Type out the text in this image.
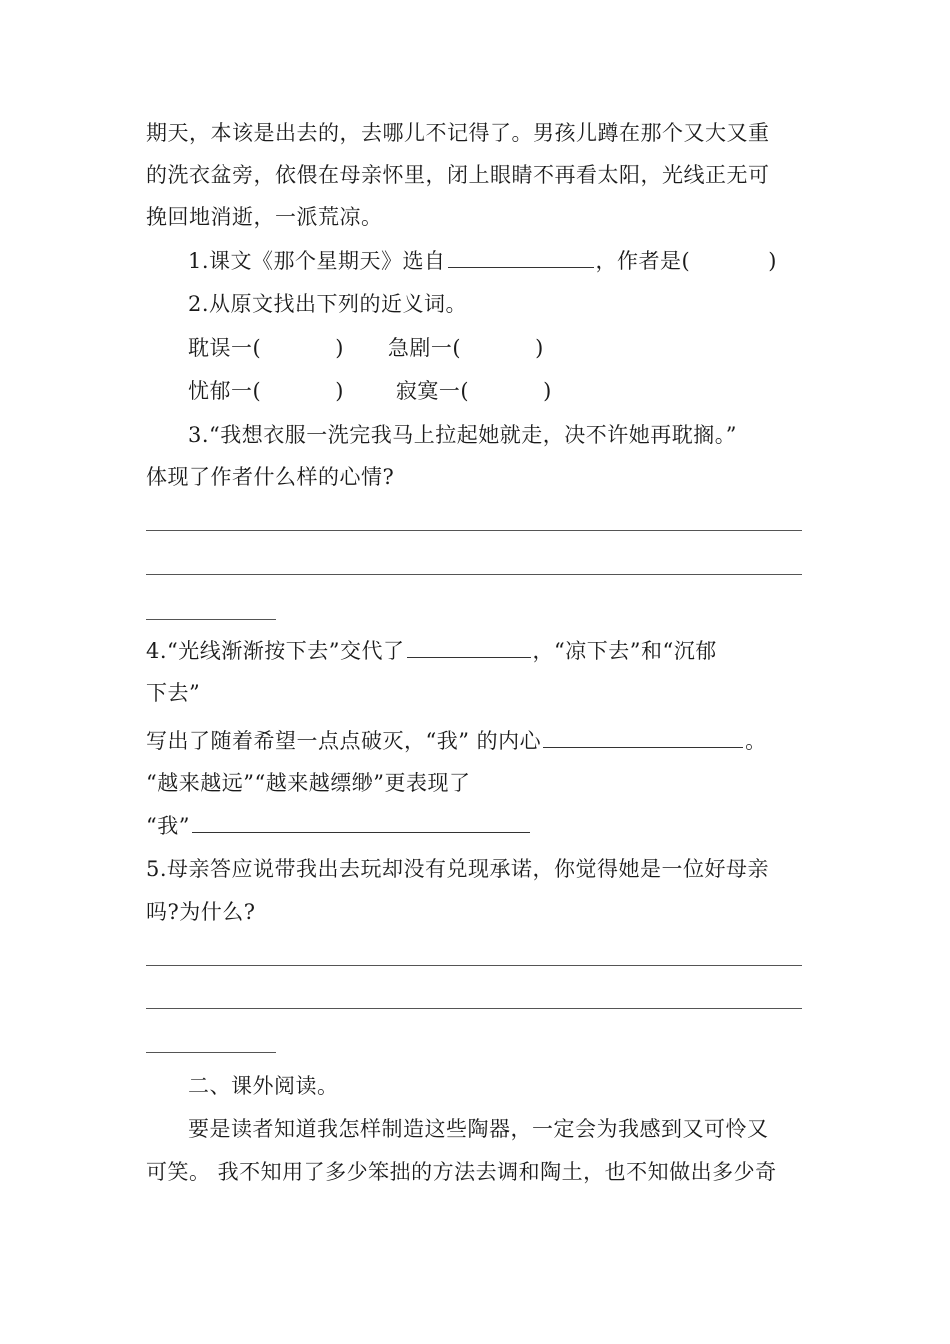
期天，本该是出去的，去哪儿不记得了。男孩儿蹲在那个又大又重
的洗衣盆旁，依偎在母亲怀里，闭上眼睛不再看太阳，光线正无可
挽回地消逝，一派荒凉。
1.课文《那个星期天》选自	，作者是(	)
2.从原文找出下列的近义词。
耽误一(	) 急剧一(	)
忧郁一(	) 寂寞一(	)
3.“我想衣服一洗完我马上拉起她就走，决不许她再耽搁。”
体现了作者什么样的心情?
4.“光线渐渐按下去”交代了	，“凉下去”和“沉郁
下去”
写出了随着希望一点点破灭，“我” 的内心	。
“越来越远”“越来越缥缈”更表现了
“我”
5.母亲答应说带我出去玩却没有兑现承诺，你觉得她是一位好母亲
吗?为什么?
二、课外阅读。
要是读者知道我怎样制造这些陶器，一定会为我感到又可怜又
可笑。 我不知用了多少笨拙的方法去调和陶土，也不知做出多少奇
